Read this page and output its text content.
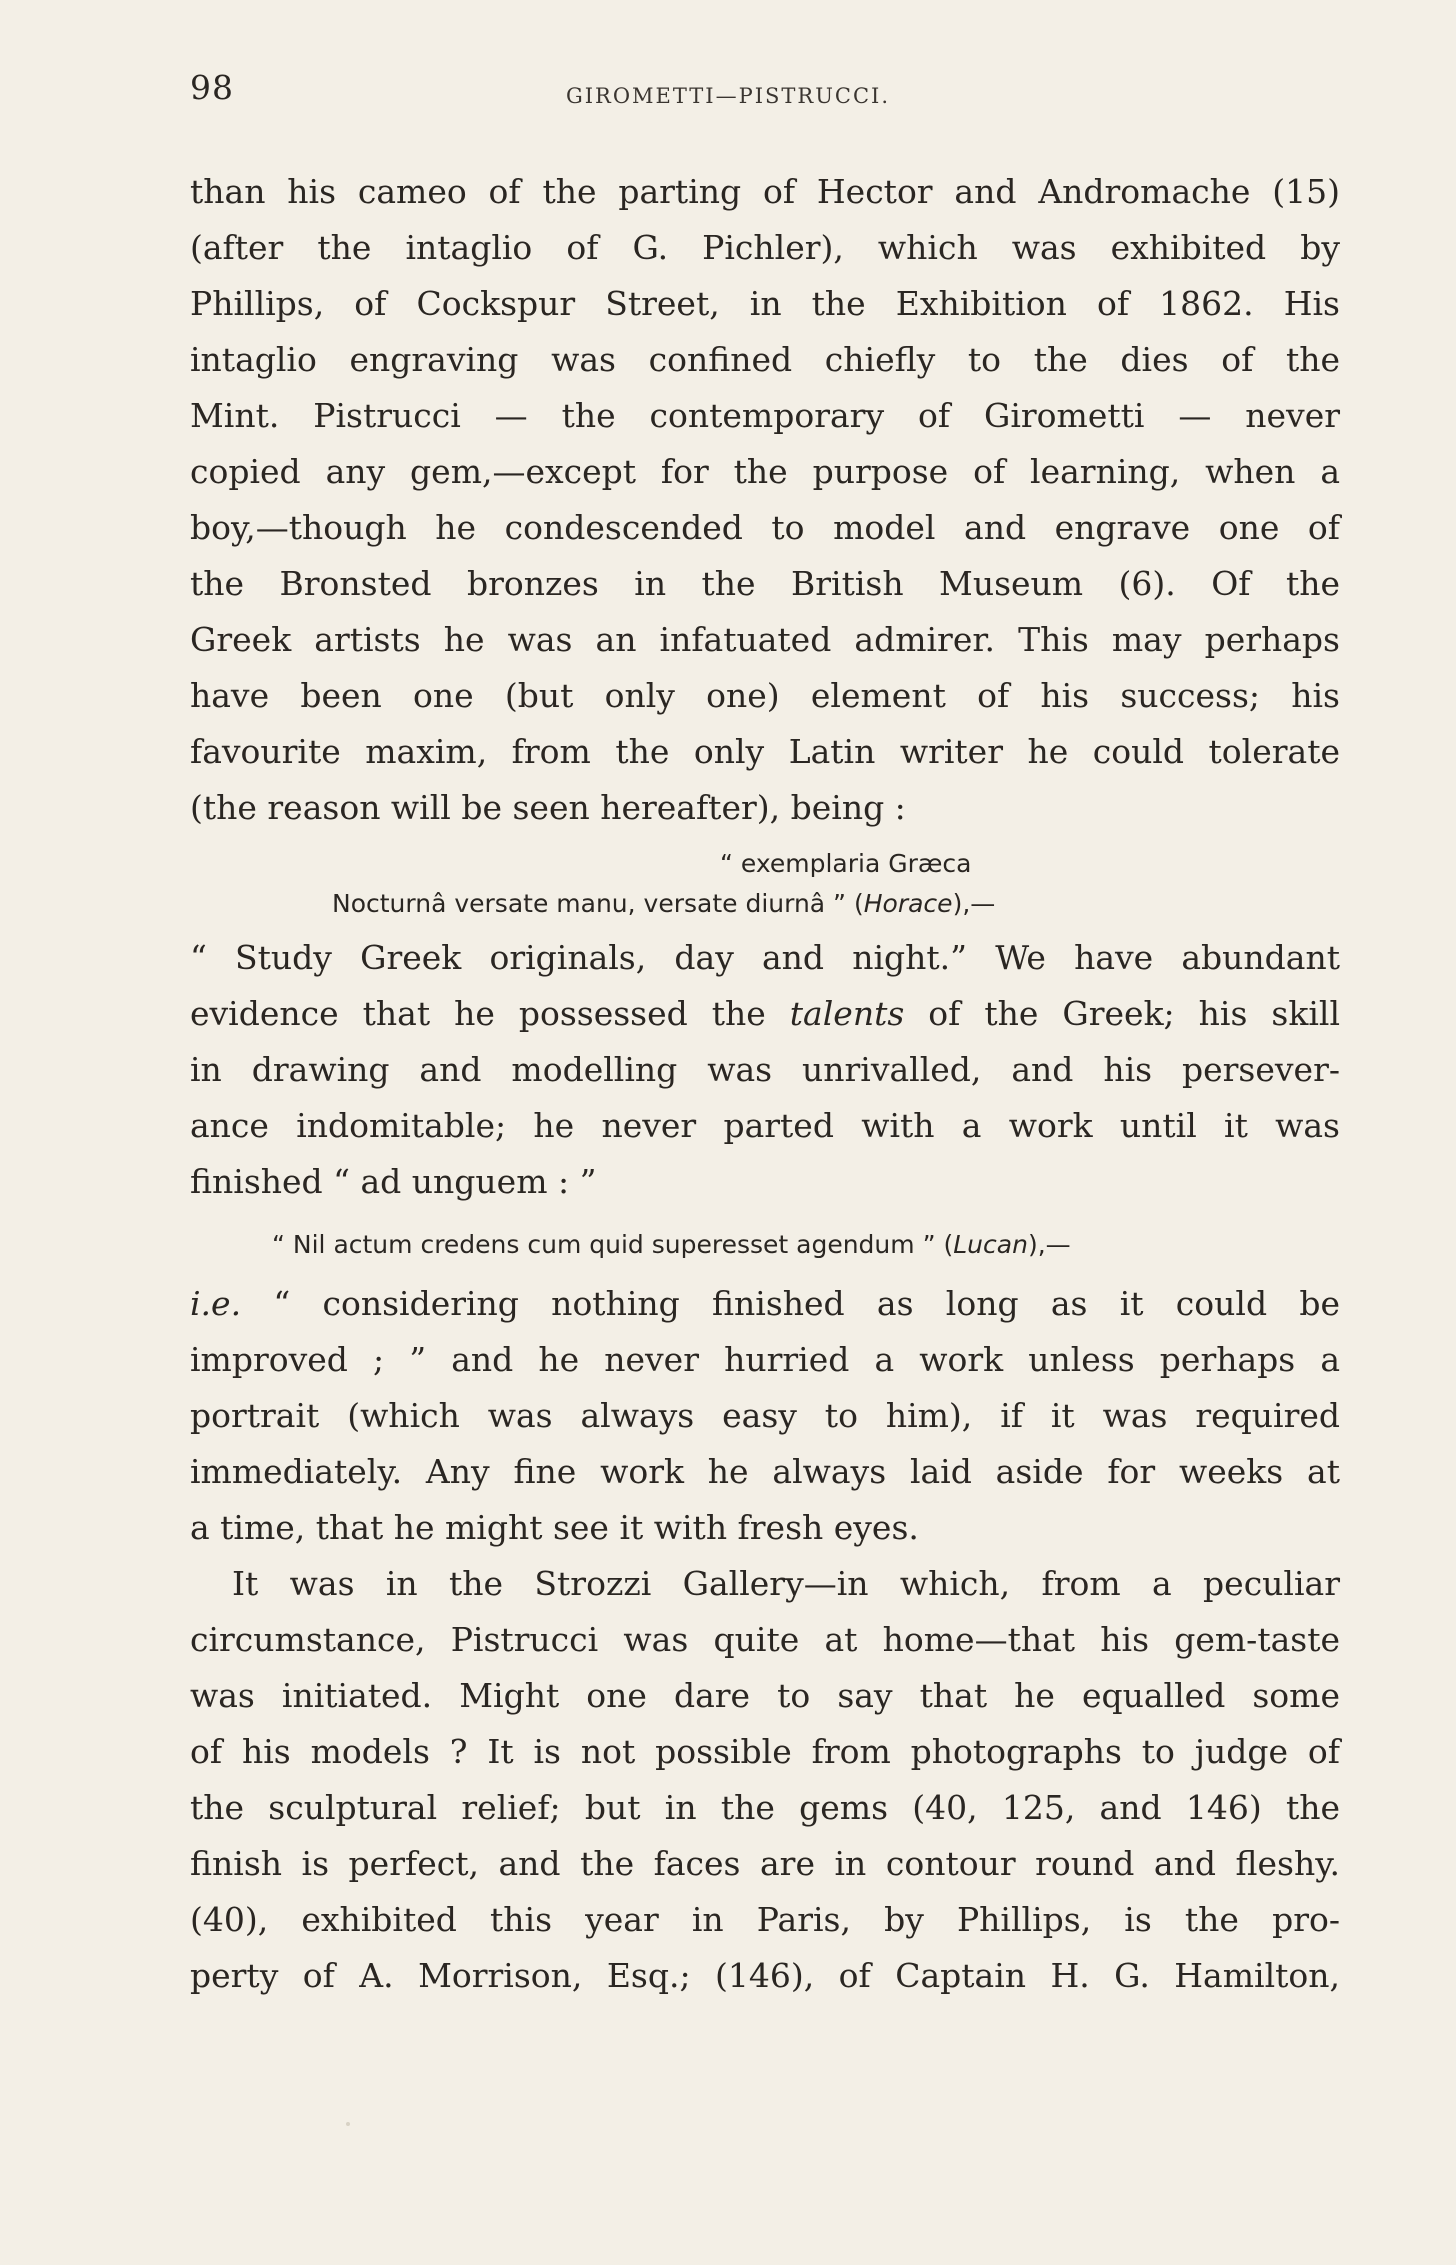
98	GIROMETTI—PISTRUCCI.
than his cameo of the parting of Hector and Andromache (15)
(after the intaglio of G. Pichler), which was exhibited by
Phillips, of Cockspur Street, in the Exhibition of 1862. His
intaglio engraving was confined chiefly to the dies of the
Mint. Pistrucci — the contemporary of Girometti — never
copied any gem,—except for the purpose of learning, when a
boy,—though he condescended to model and engrave one of
the Bronsted bronzes in the British Museum (6). Of the
Greek artists he was an infatuated admirer. This may perhaps
have been one (but only one) element of his success; his
favourite maxim, from the only Latin writer he could tolerate
(the reason will be seen hereafter), being :
“ exemplaria Græca
Nocturnâ versate manu, versate diurnâ ” (Horace),—
“ Study Greek originals, day and night.” We have abundant
evidence that he possessed the talents of the Greek; his skill
in drawing and modelling was unrivalled, and his persever-
ance indomitable; he never parted with a work until it was
finished “ ad unguem : ”
“ Nil actum credens cum quid superesset agendum ” (Lucan),—
i.e. “ considering nothing finished as long as it could be
improved ; ” and he never hurried a work unless perhaps a
portrait (which was always easy to him), if it was required
immediately. Any fine work he always laid aside for weeks at
a time, that he might see it with fresh eyes.
It was in the Strozzi Gallery—in which, from a peculiar
circumstance, Pistrucci was quite at home—that his gem-taste
was initiated. Might one dare to say that he equalled some
of his models ? It is not possible from photographs to judge of
the sculptural relief; but in the gems (40, 125, and 146) the
finish is perfect, and the faces are in contour round and fleshy.
(40), exhibited this year in Paris, by Phillips, is the pro-
perty of A. Morrison, Esq.; (146), of Captain H. G. Hamilton,
